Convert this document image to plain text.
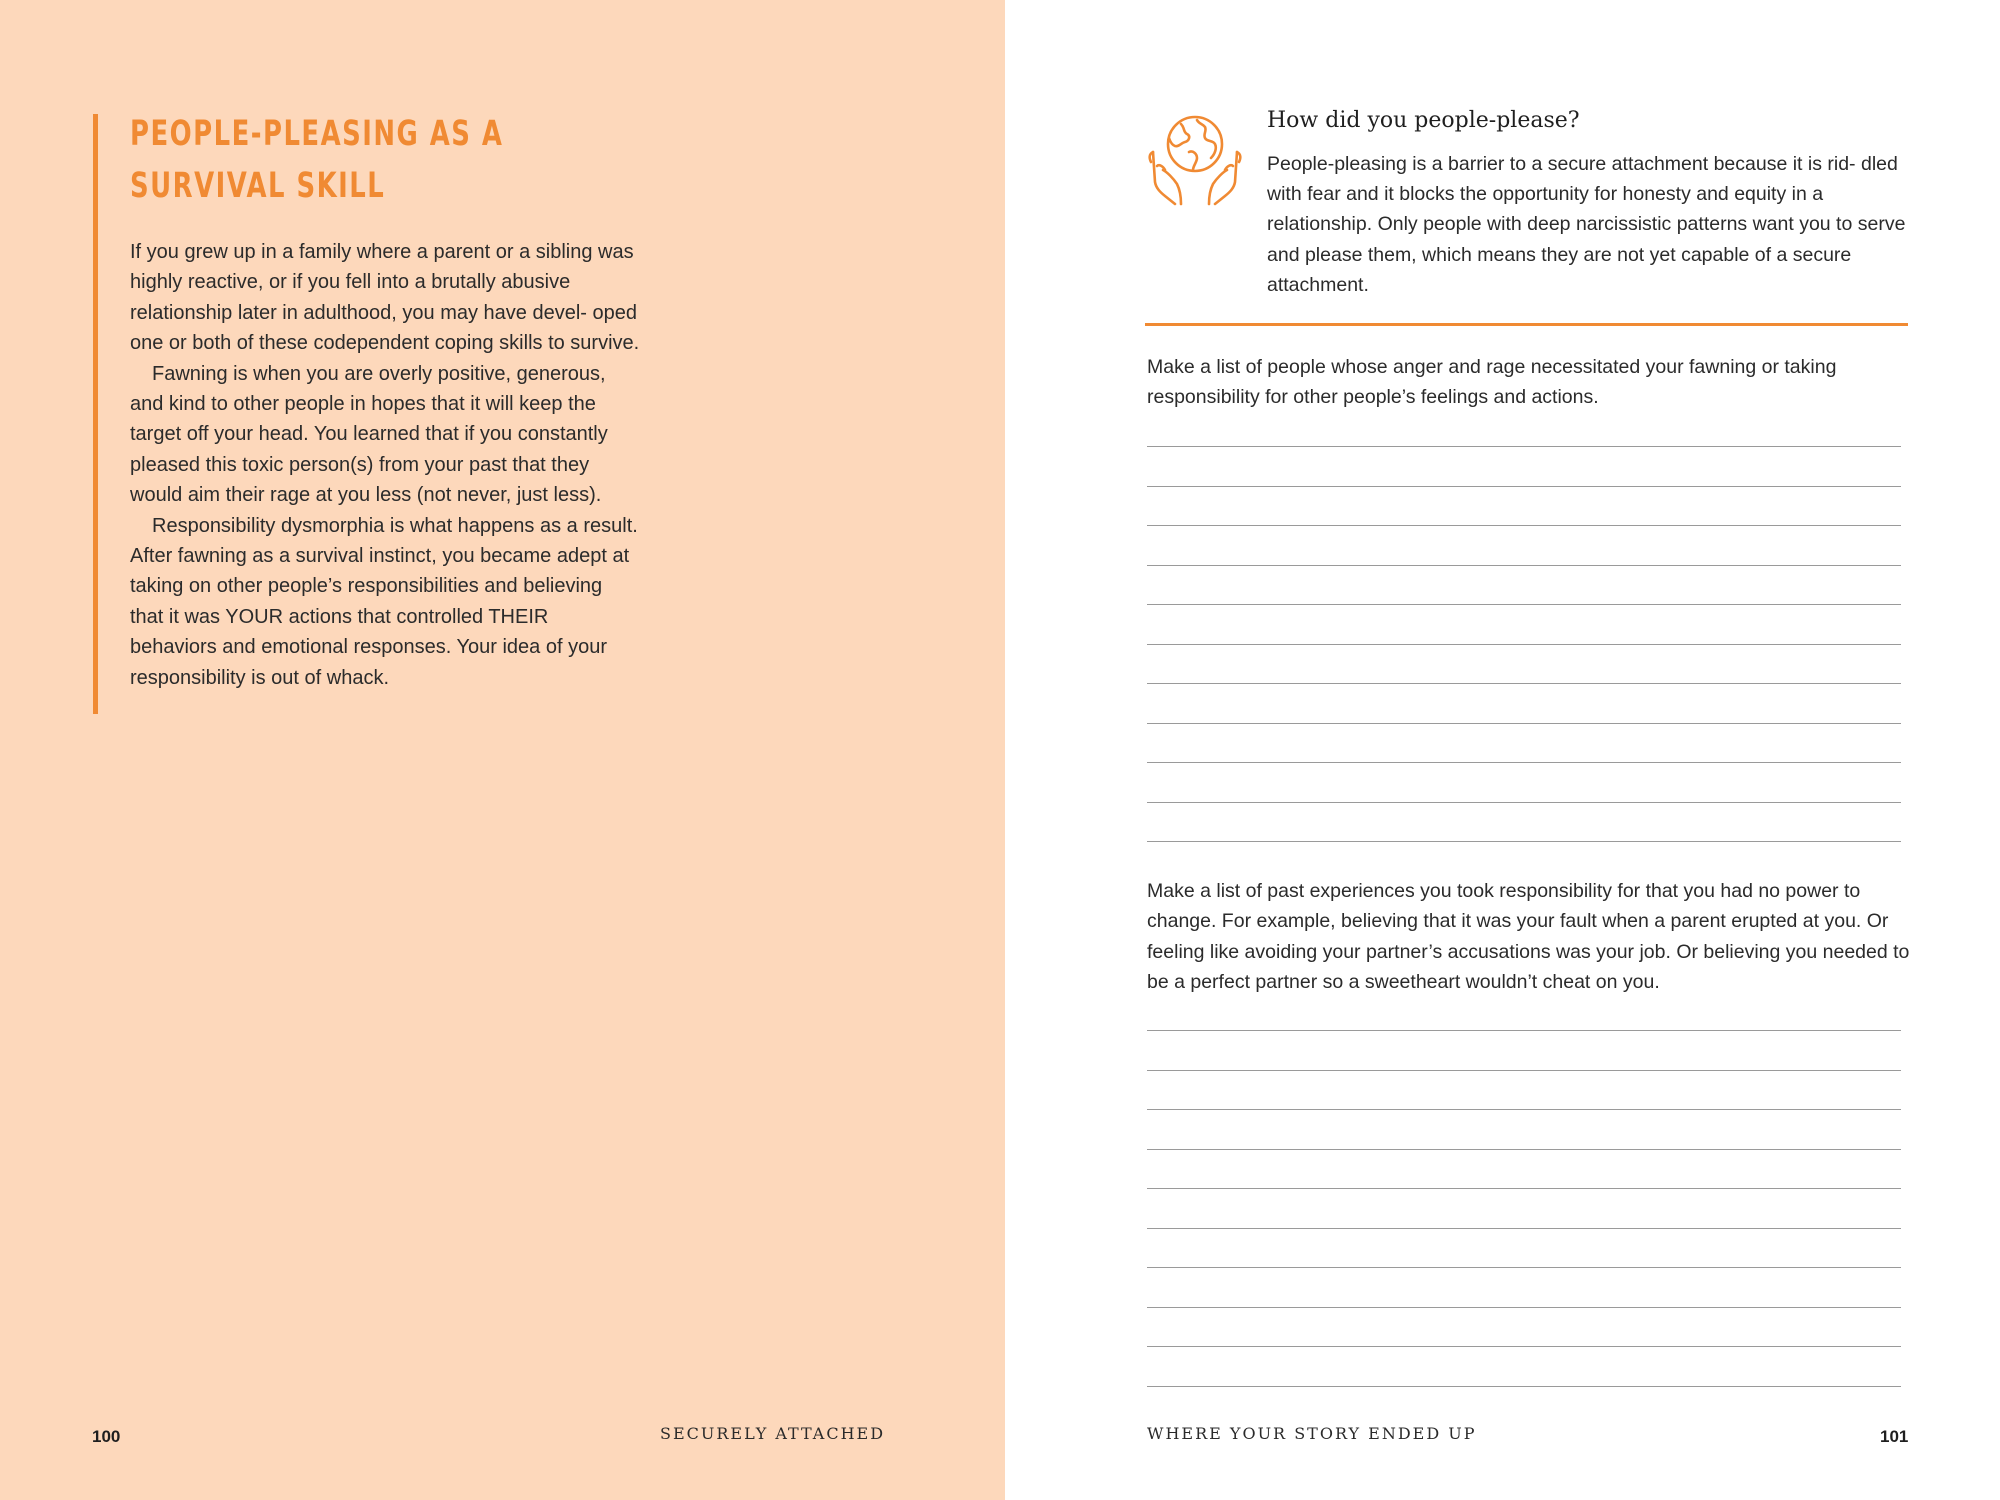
PEOPLE-PLEASING AS A
SURVIVAL SKILL

If you grew up in a family where a parent or a sibling was highly reactive, or if you fell into a brutally abusive relationship later in adulthood, you may have devel- oped one or both of these codependent coping skills to survive.

Fawning is when you are overly positive, generous, and kind to other people in hopes that it will keep the target off your head. You learned that if you constantly pleased this toxic person(s) from your past that they would aim their rage at you less (not never, just less).

Responsibility dysmorphia is what happens as a result. After fawning as a survival instinct, you became adept at taking on other people’s responsibilities and believing that it was YOUR actions that controlled THEIR behaviors and emotional responses. Your idea of your responsibility is out of whack.

100	SECURELY ATTACHED
How did you people-please?
People-pleasing is a barrier to a secure attachment because it is rid- dled with fear and it blocks the opportunity for honesty and equity in a relationship. Only people with deep narcissistic patterns want you to serve and please them, which means they are not yet capable of a secure attachment.
Make a list of people whose anger and rage necessitated your fawning or taking responsibility for other people’s feelings and actions.
Make a list of past experiences you took responsibility for that you had no power to change. For example, believing that it was your fault when a parent erupted at you. Or feeling like avoiding your partner’s accusations was your job. Or believing you needed to be a perfect partner so a sweetheart wouldn’t cheat on you.
WHERE YOUR STORY ENDED UP	101
